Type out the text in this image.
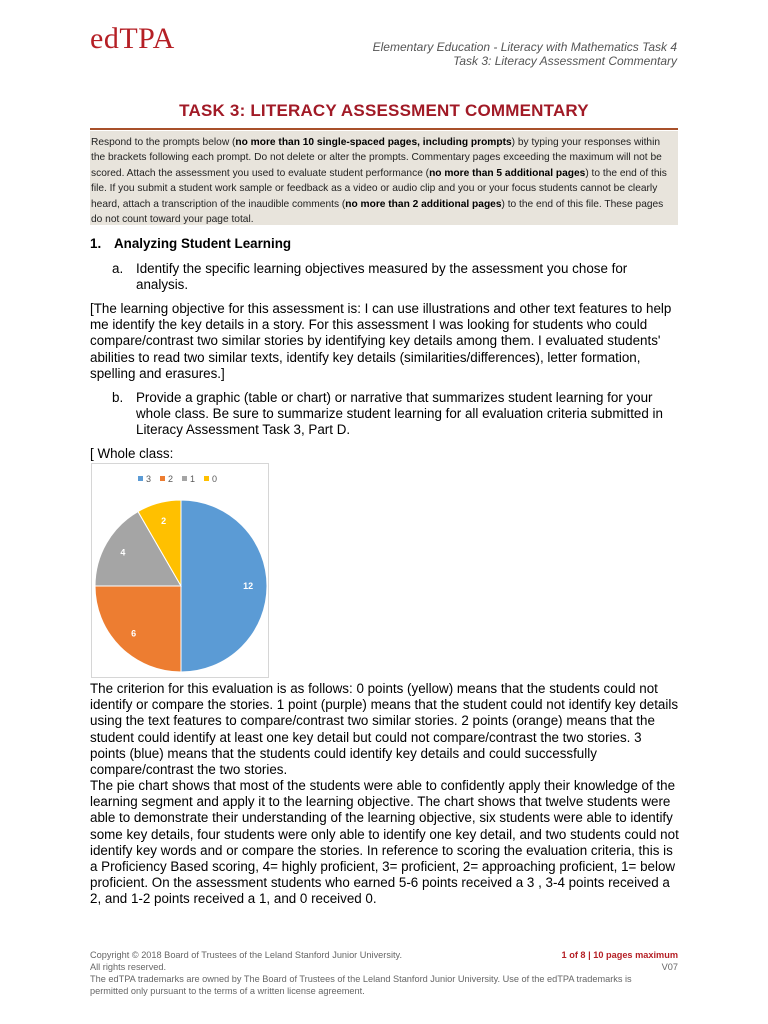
edTPA	Elementary Education - Literacy with Mathematics Task 4
Task 3: Literacy Assessment Commentary
TASK 3: LITERACY ASSESSMENT COMMENTARY
Respond to the prompts below (no more than 10 single-spaced pages, including prompts) by typing your responses within the brackets following each prompt. Do not delete or alter the prompts. Commentary pages exceeding the maximum will not be scored. Attach the assessment you used to evaluate student performance (no more than 5 additional pages) to the end of this file. If you submit a student work sample or feedback as a video or audio clip and you or your focus students cannot be clearly heard, attach a transcription of the inaudible comments (no more than 2 additional pages) to the end of this file. These pages do not count toward your page total.
1. Analyzing Student Learning
a. Identify the specific learning objectives measured by the assessment you chose for analysis.
[The learning objective for this assessment is: I can use illustrations and other text features to help me identify the key details in a story. For this assessment I was looking for students who could compare/contrast two similar stories by identifying key details among them. I evaluated students' abilities to read two similar texts, identify key details (similarities/differences), letter formation, spelling and erasures.]
b. Provide a graphic (table or chart) or narrative that summarizes student learning for your whole class. Be sure to summarize student learning for all evaluation criteria submitted in Literacy Assessment Task 3, Part D.
[ Whole class:
3 2 1 0
12
6
4
2
The criterion for this evaluation is as follows: 0 points (yellow) means that the students could not identify or compare the stories. 1 point (purple) means that the student could not identify key details using the text features to compare/contrast two similar stories. 2 points (orange) means that the student could identify at least one key detail but could not compare/contrast the two stories. 3 points (blue) means that the students could identify key details and could successfully compare/contrast the two stories.
The pie chart shows that most of the students were able to confidently apply their knowledge of the learning segment and apply it to the learning objective. The chart shows that twelve students were able to demonstrate their understanding of the learning objective, six students were able to identify some key details, four students were only able to identify one key detail, and two students could not identify key words and or compare the stories. In reference to scoring the evaluation criteria, this is a Proficiency Based scoring, 4= highly proficient, 3= proficient, 2= approaching proficient, 1= below proficient. On the assessment students who earned 5-6 points received a 3 , 3-4 points received a 2, and 1-2 points received a 1, and 0 received 0.
Copyright © 2018 Board of Trustees of the Leland Stanford Junior University.
All rights reserved.
The edTPA trademarks are owned by The Board of Trustees of the Leland Stanford Junior University. Use of the edTPA trademarks is permitted only pursuant to the terms of a written license agreement.
1 of 8 | 10 pages maximum
V07
